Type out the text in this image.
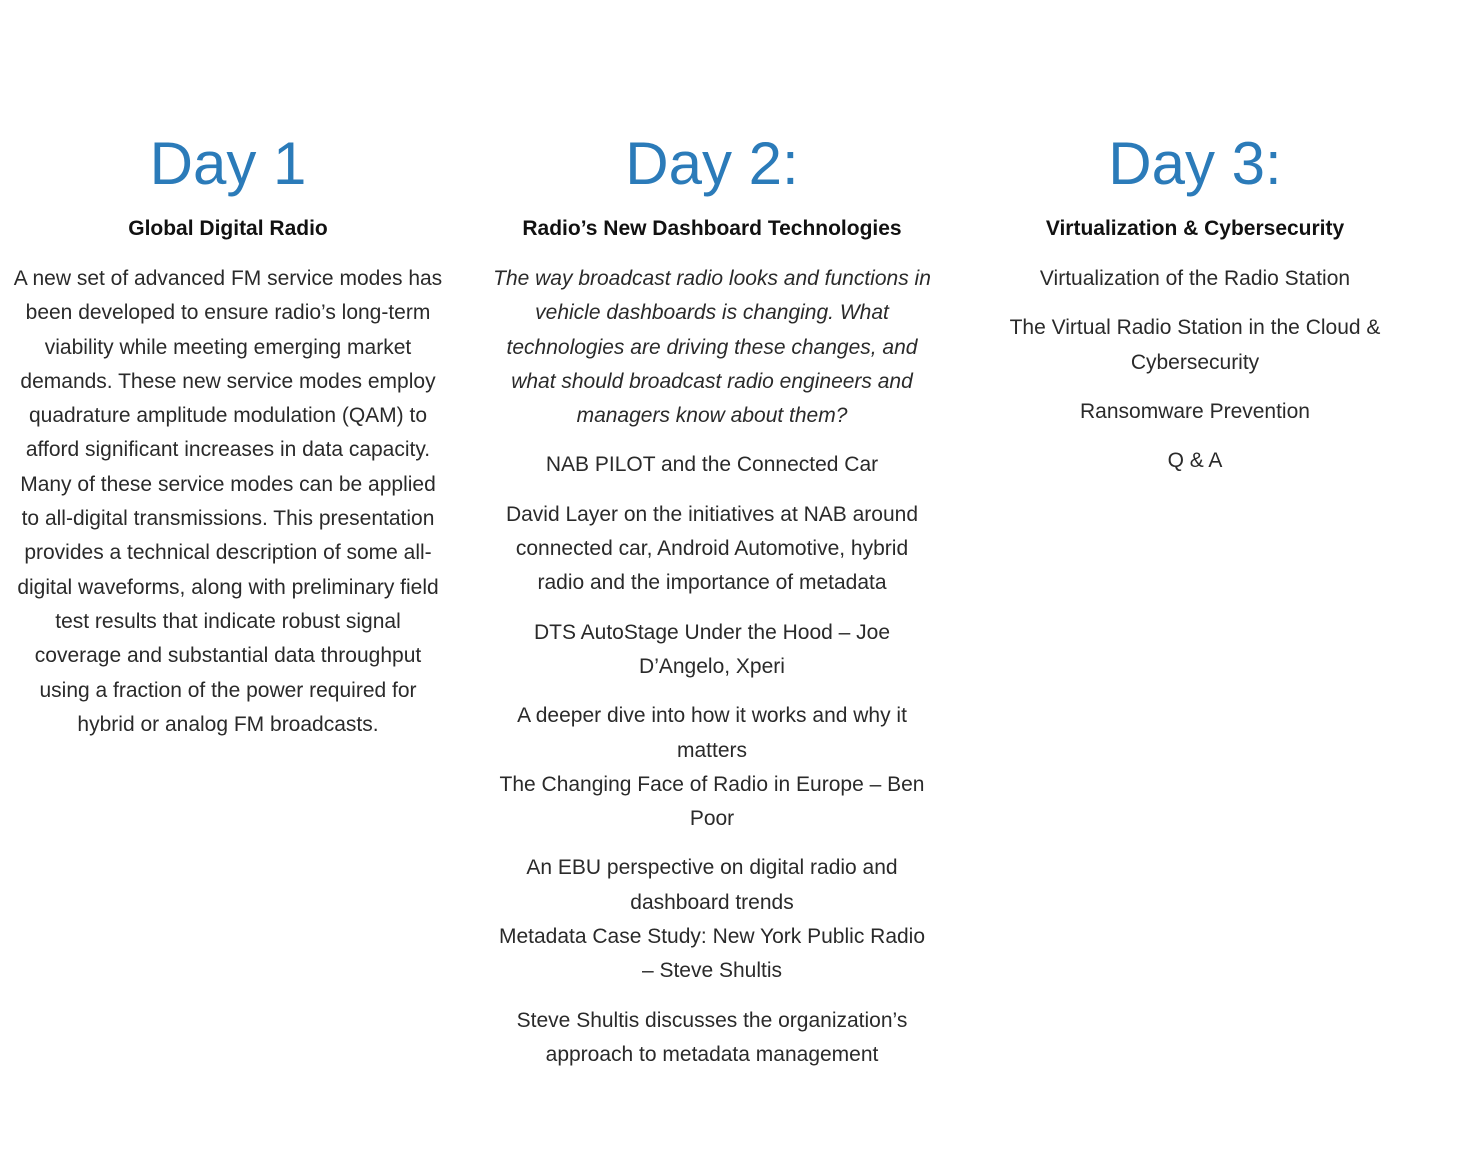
Day 1
Global Digital Radio

A new set of advanced FM service modes has been developed to ensure radio’s long-term viability while meeting emerging market demands. These new service modes employ quadrature amplitude modulation (QAM) to afford significant increases in data capacity. Many of these service modes can be applied to all-digital transmissions. This presentation provides a technical description of some all-digital waveforms, along with preliminary field test results that indicate robust signal coverage and substantial data throughput using a fraction of the power required for hybrid or analog FM broadcasts.

Day 2:
Radio’s New Dashboard Technologies

The way broadcast radio looks and functions in vehicle dashboards is changing. What technologies are driving these changes, and what should broadcast radio engineers and managers know about them?

NAB PILOT and the Connected Car

David Layer on the initiatives at NAB around connected car, Android Automotive, hybrid radio and the importance of metadata

DTS AutoStage Under the Hood – Joe D’Angelo, Xperi

A deeper dive into how it works and why it matters

The Changing Face of Radio in Europe – Ben Poor

An EBU perspective on digital radio and dashboard trends

Metadata Case Study: New York Public Radio – Steve Shultis

Steve Shultis discusses the organization’s approach to metadata management

Day 3:
Virtualization & Cybersecurity

Virtualization of the Radio Station

The Virtual Radio Station in the Cloud & Cybersecurity

Ransomware Prevention

Q & A
